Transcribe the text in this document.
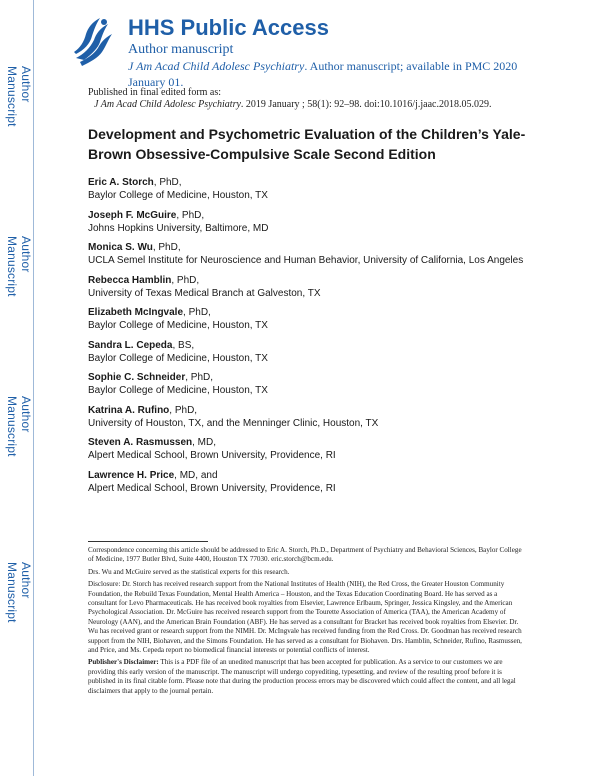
Author Manuscript
Author Manuscript
Author Manuscript
Author Manuscript
HHS Public Access
Author manuscript
J Am Acad Child Adolesc Psychiatry. Author manuscript; available in PMC 2020 January 01.
Published in final edited form as:
J Am Acad Child Adolesc Psychiatry. 2019 January ; 58(1): 92–98. doi:10.1016/j.jaac.2018.05.029.
Development and Psychometric Evaluation of the Children’s Yale-Brown Obsessive-Compulsive Scale Second Edition
Eric A. Storch, PhD,
Baylor College of Medicine, Houston, TX
Joseph F. McGuire, PhD,
Johns Hopkins University, Baltimore, MD
Monica S. Wu, PhD,
UCLA Semel Institute for Neuroscience and Human Behavior, University of California, Los Angeles
Rebecca Hamblin, PhD,
University of Texas Medical Branch at Galveston, TX
Elizabeth McIngvale, PhD,
Baylor College of Medicine, Houston, TX
Sandra L. Cepeda, BS,
Baylor College of Medicine, Houston, TX
Sophie C. Schneider, PhD,
Baylor College of Medicine, Houston, TX
Katrina A. Rufino, PhD,
University of Houston, TX, and the Menninger Clinic, Houston, TX
Steven A. Rasmussen, MD,
Alpert Medical School, Brown University, Providence, RI
Lawrence H. Price, MD, and
Alpert Medical School, Brown University, Providence, RI

Correspondence concerning this article should be addressed to Eric A. Storch, Ph.D., Department of Psychiatry and Behavioral Sciences, Baylor College of Medicine, 1977 Butler Blvd, Suite 4400, Houston TX 77030. eric.storch@bcm.edu.

Drs. Wu and McGuire served as the statistical experts for this research.

Disclosure: Dr. Storch has received research support from the National Institutes of Health (NIH), the Red Cross, the Greater Houston Community Foundation, the Rebuild Texas Foundation, Mental Health America – Houston, and the Texas Education Coordinating Board. He has served as a consultant for Levo Pharmaceuticals. He has received book royalties from Elsevier, Lawrence Erlbaum, Springer, Jessica Kingsley, and the American Psychological Association. Dr. McGuire has received research support from the Tourette Association of America (TAA), the American Academy of Neurology (AAN), and the American Brain Foundation (ABF). He has served as a consultant for Bracket has received book royalties from Elsevier. Dr. Wu has received grant or research support from the NIMH. Dr. McIngvale has received funding from the Red Cross. Dr. Goodman has received research support from the NIH, Biohaven, and the Simons Foundation. He has served as a consultant for Biohaven. Drs. Hamblin, Schneider, Rufino, Rasmussen, and Price, and Ms. Cepeda report no biomedical financial interests or potential conflicts of interest.

Publisher's Disclaimer: This is a PDF file of an unedited manuscript that has been accepted for publication. As a service to our customers we are providing this early version of the manuscript. The manuscript will undergo copyediting, typesetting, and review of the resulting proof before it is published in its final citable form. Please note that during the production process errors may be discovered which could affect the content, and all legal disclaimers that apply to the journal pertain.
